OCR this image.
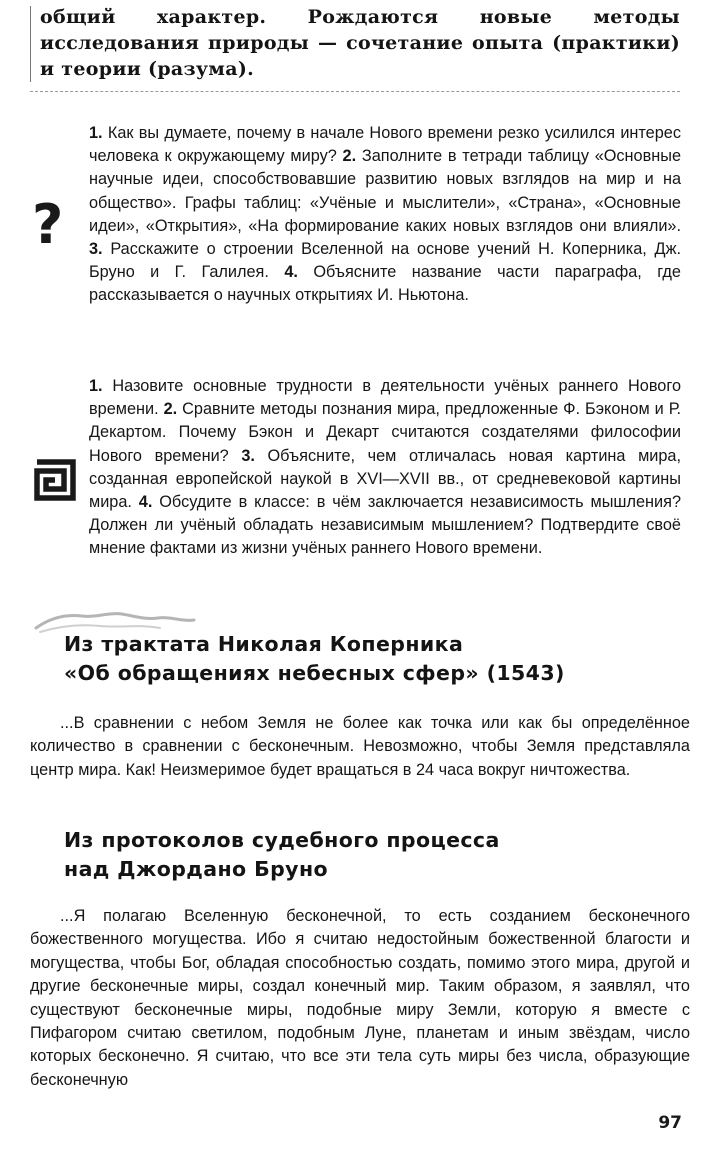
общий характер. Рождаются новые методы исследования природы — сочетание опыта (практики) и теории (разума).
?
1. Как вы думаете, почему в начале Нового времени резко усилился интерес человека к окружающему миру? 2. Заполните в тетради таблицу «Основные научные идеи, способствовавшие развитию новых взглядов на мир и на общество». Графы таблиц: «Учёные и мыслители», «Страна», «Основные идеи», «Открытия», «На формирование каких новых взглядов они влияли». 3. Расскажите о строении Вселенной на основе учений Н. Коперника, Дж. Бруно и Г. Галилея. 4. Объясните название части параграфа, где рассказывается о научных открытиях И. Ньютона.
1. Назовите основные трудности в деятельности учёных раннего Нового времени. 2. Сравните методы познания мира, предложенные Ф. Бэконом и Р. Декартом. Почему Бэкон и Декарт считаются создателями философии Нового времени? 3. Объясните, чем отличалась новая картина мира, созданная европейской наукой в XVI—XVII вв., от средневековой картины мира. 4. Обсудите в классе: в чём заключается независимость мышления? Должен ли учёный обладать независимым мышлением? Подтвердите своё мнение фактами из жизни учёных раннего Нового времени.
Из трактата Николая Коперника
«Об обращениях небесных сфер» (1543)
...В сравнении с небом Земля не более как точка или как бы определённое количество в сравнении с бесконечным. Невозможно, чтобы Земля представляла центр мира. Как! Неизмеримое будет вращаться в 24 часа вокруг ничтожества.
Из протоколов судебного процесса
над Джордано Бруно
...Я полагаю Вселенную бесконечной, то есть созданием бесконечного божественного могущества. Ибо я считаю недостойным божественной благости и могущества, чтобы Бог, обладая способностью создать, помимо этого мира, другой и другие бесконечные миры, создал конечный мир. Таким образом, я заявлял, что существуют бесконечные миры, подобные миру Земли, которую я вместе с Пифагором считаю светилом, подобным Луне, планетам и иным звёздам, число которых бесконечно. Я считаю, что все эти тела суть миры без числа, образующие бесконечную
97
